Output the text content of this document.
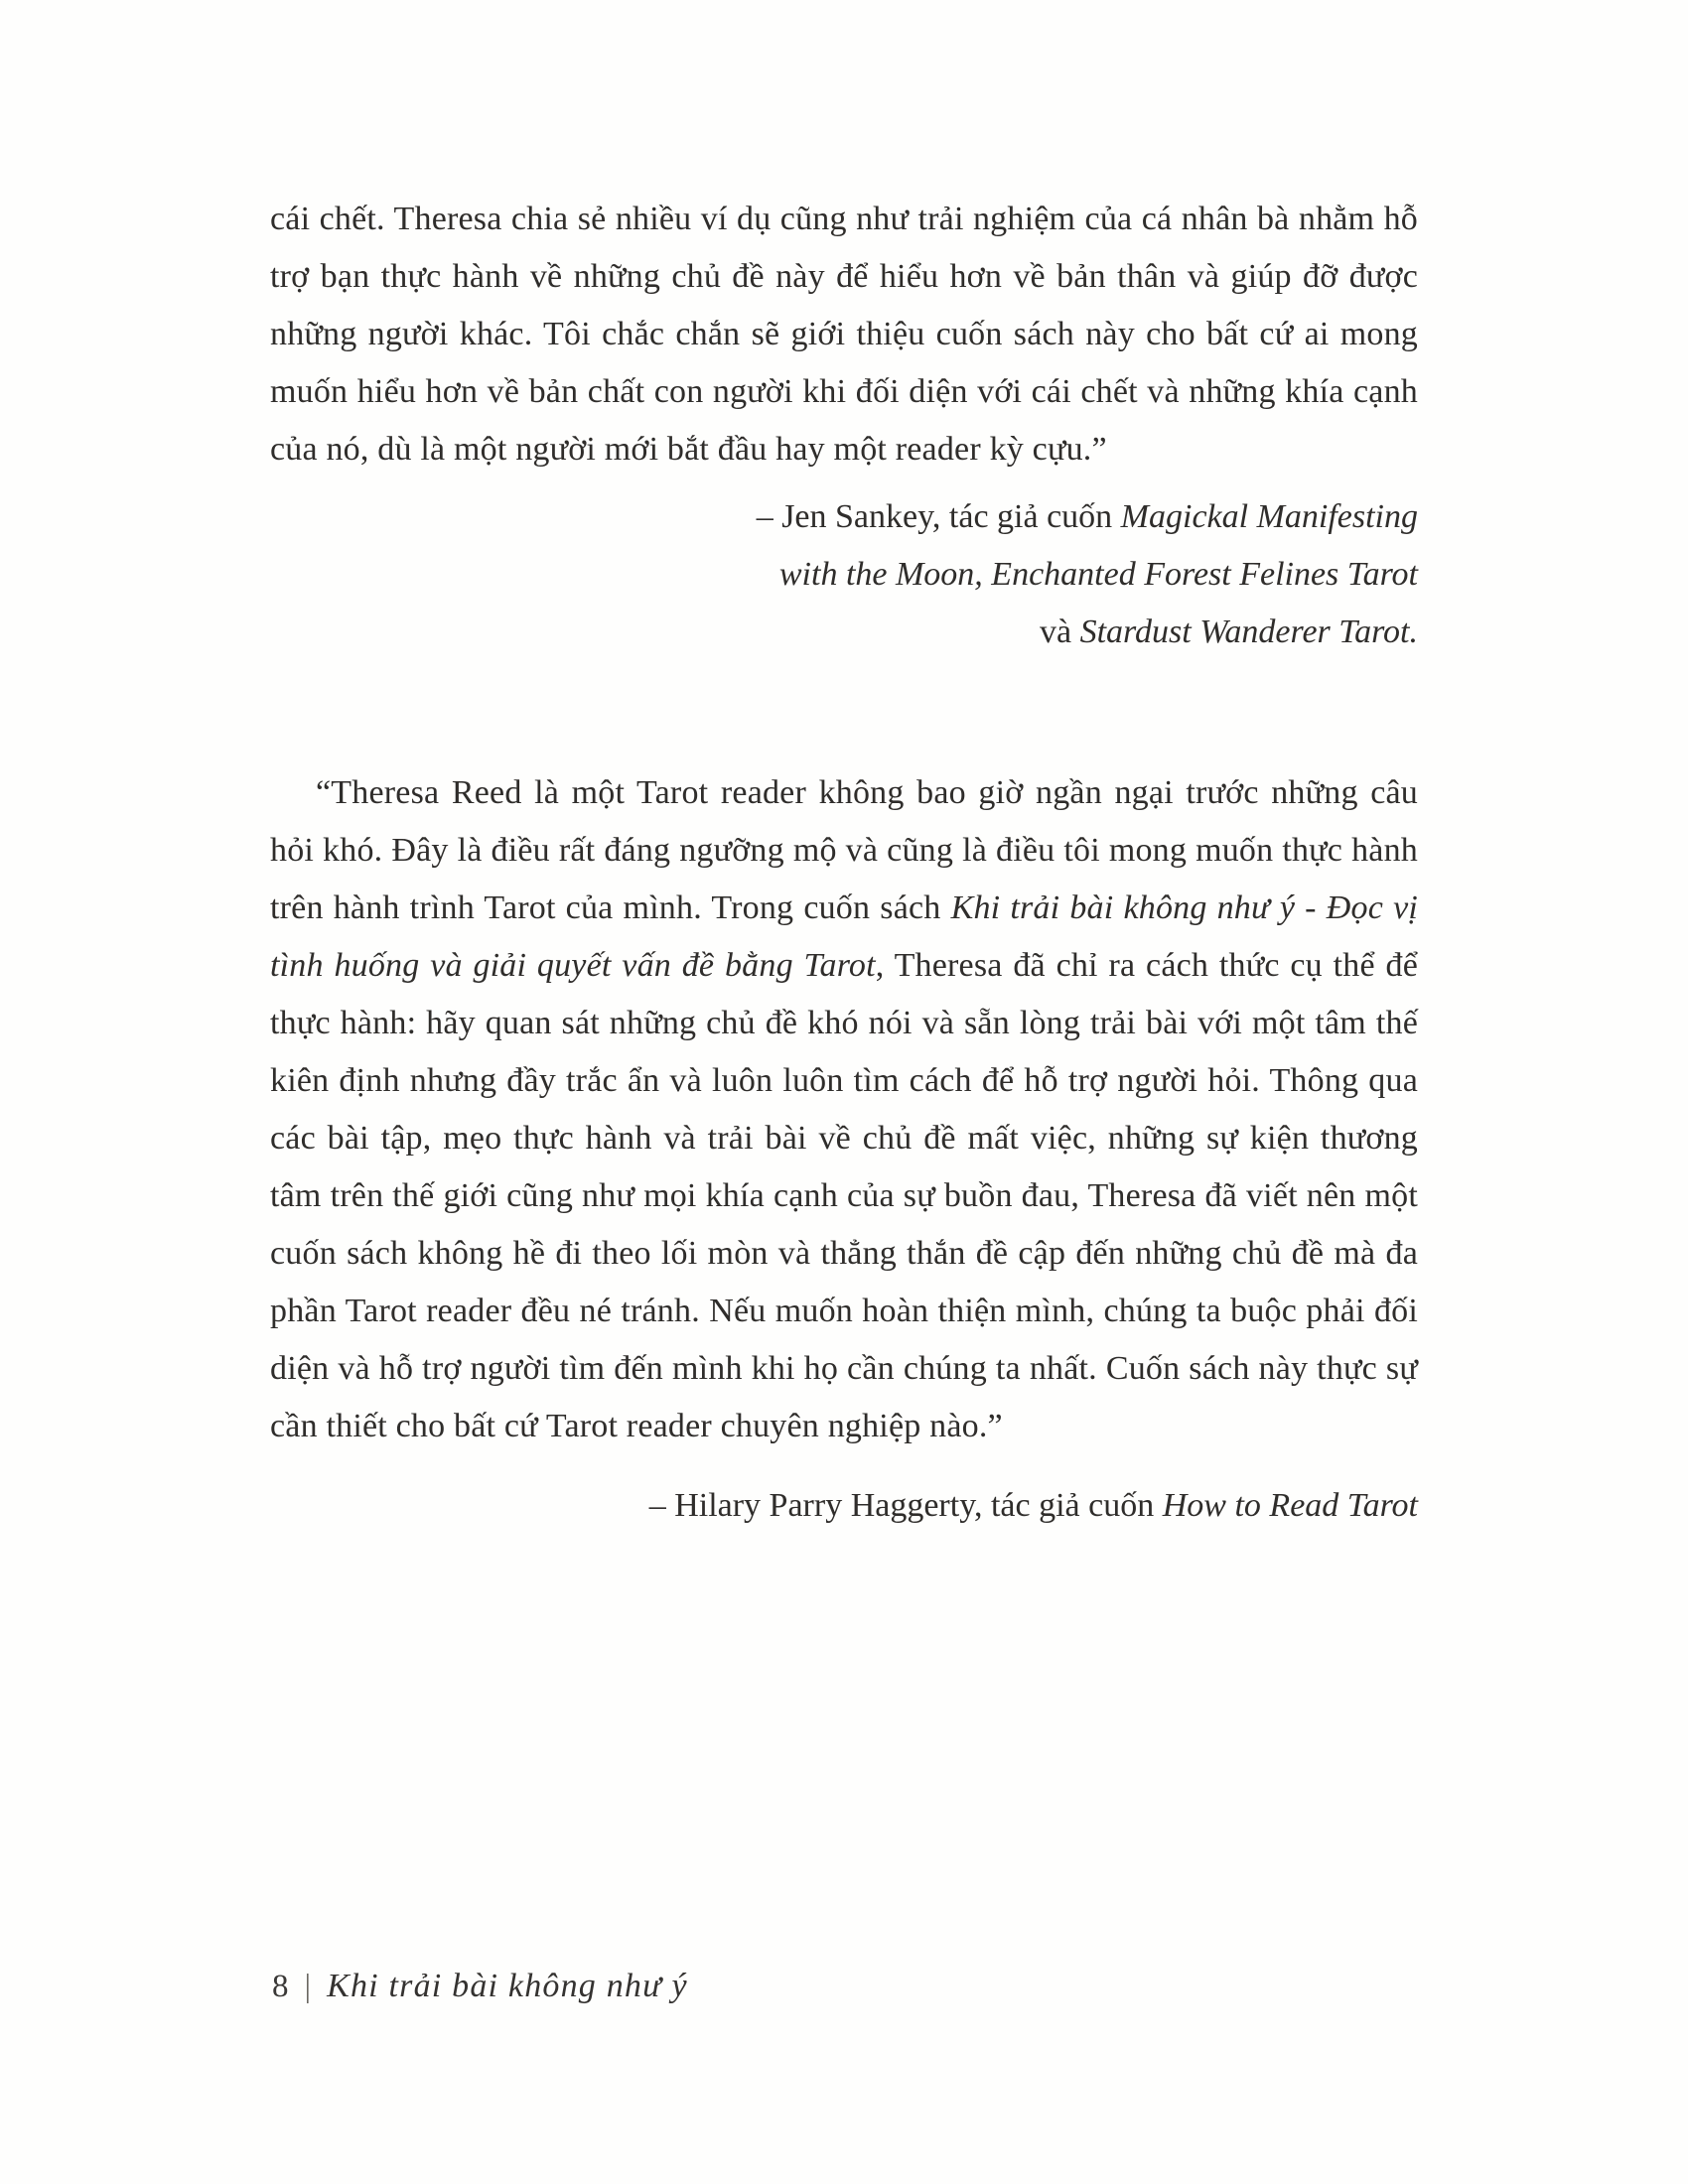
cái chết. Theresa chia sẻ nhiều ví dụ cũng như trải nghiệm của cá nhân bà nhằm hỗ trợ bạn thực hành về những chủ đề này để hiểu hơn về bản thân và giúp đỡ được những người khác. Tôi chắc chắn sẽ giới thiệu cuốn sách này cho bất cứ ai mong muốn hiểu hơn về bản chất con người khi đối diện với cái chết và những khía cạnh của nó, dù là một người mới bắt đầu hay một reader kỳ cựu.”

– Jen Sankey, tác giả cuốn Magickal Manifesting
with the Moon, Enchanted Forest Felines Tarot
và Stardust Wanderer Tarot.

“Theresa Reed là một Tarot reader không bao giờ ngần ngại trước những câu hỏi khó. Đây là điều rất đáng ngưỡng mộ và cũng là điều tôi mong muốn thực hành trên hành trình Tarot của mình. Trong cuốn sách Khi trải bài không như ý - Đọc vị tình huống và giải quyết vấn đề bằng Tarot, Theresa đã chỉ ra cách thức cụ thể để thực hành: hãy quan sát những chủ đề khó nói và sẵn lòng trải bài với một tâm thế kiên định nhưng đầy trắc ẩn và luôn luôn tìm cách để hỗ trợ người hỏi. Thông qua các bài tập, mẹo thực hành và trải bài về chủ đề mất việc, những sự kiện thương tâm trên thế giới cũng như mọi khía cạnh của sự buồn đau, Theresa đã viết nên một cuốn sách không hề đi theo lối mòn và thẳng thắn đề cập đến những chủ đề mà đa phần Tarot reader đều né tránh. Nếu muốn hoàn thiện mình, chúng ta buộc phải đối diện và hỗ trợ người tìm đến mình khi họ cần chúng ta nhất. Cuốn sách này thực sự cần thiết cho bất cứ Tarot reader chuyên nghiệp nào.”

– Hilary Parry Haggerty, tác giả cuốn How to Read Tarot

8 | Khi trải bài không như ý
